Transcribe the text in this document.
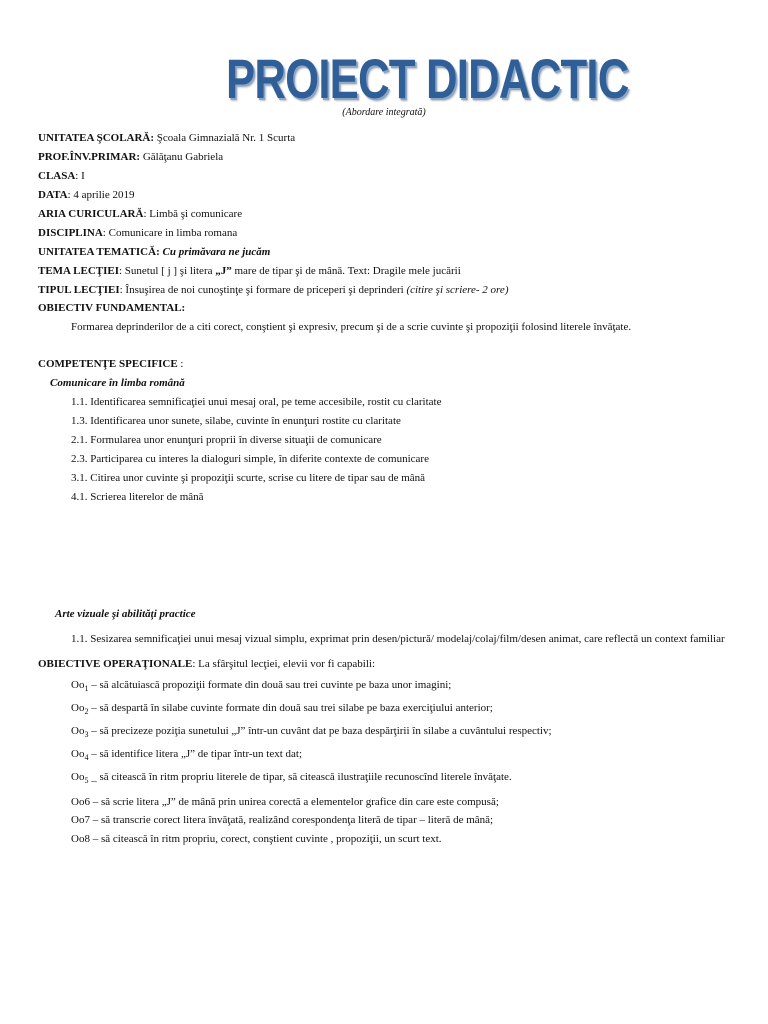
PROIECT DIDACTIC
(Abordare integrată)
UNITATEA ŞCOLARĂ: Şcoala Gimnazială Nr. 1 Scurta
PROF.ÎNV.PRIMAR: Gălăţanu Gabriela
CLASA: I
DATA: 4 aprilie 2019
ARIA CURICULARĂ: Limbă şi comunicare
DISCIPLINA: Comunicare in limba romana
UNITATEA TEMATICĂ: Cu primăvara ne jucăm
TEMA LECŢIEI: Sunetul [ j ] şi litera „J” mare de tipar şi de mână. Text: Dragile mele jucării
TIPUL LECŢIEI: Însuşirea de noi cunoştinţe şi formare de priceperi şi deprinderi (citire şi scriere- 2 ore)
OBIECTIV FUNDAMENTAL:
Formarea deprinderilor de a citi corect, conştient şi expresiv, precum şi de a scrie cuvinte şi propoziţii folosind literele învăţate.
COMPETENŢE SPECIFICE :
Comunicare în limba română
1.1. Identificarea semnificaţiei unui mesaj oral, pe teme accesibile, rostit cu claritate
1.3. Identificarea unor sunete, silabe, cuvinte în enunţuri rostite cu claritate
2.1. Formularea unor enunţuri proprii în diverse situaţii de comunicare
2.3. Participarea cu interes la dialoguri simple, în diferite contexte de comunicare
3.1. Citirea unor cuvinte şi propoziţii scurte, scrise cu litere de tipar sau de mână
4.1. Scrierea literelor de mână
Arte vizuale şi abilităţi practice
1.1. Sesizarea semnificaţiei unui mesaj vizual simplu, exprimat prin desen/pictură/ modelaj/colaj/film/desen animat, care reflectă un context familiar
OBIECTIVE OPERAŢIONALE: La sfârşitul lecţiei, elevii vor fi capabili:
$Oo_1$ – să alcătuiască propoziţii formate din două sau trei cuvinte pe baza unor imagini;
$Oo_2$ – să despartă în silabe cuvinte formate din două sau trei silabe pe baza exerciţiului anterior;
$Oo_3$ – să precizeze poziţia sunetului „J” într-un cuvânt dat pe baza despărţirii în silabe a cuvântului respectiv;
$Oo_4$ – să identifice litera „J” de tipar într-un text dat;
$Oo_5$ _ să citească în ritm propriu literele de tipar, să citească ilustraţiile recunoscînd literele învăţate.
Oo6 – să scrie litera „J” de mână prin unirea corectă a elementelor grafice din care este compusă;
Oo7 – să transcrie corect litera învăţată, realizând corespondenţa literă de tipar – literă de mână;
Oo8 – să citească în ritm propriu, corect, conştient cuvinte , propoziţii, un scurt text.
